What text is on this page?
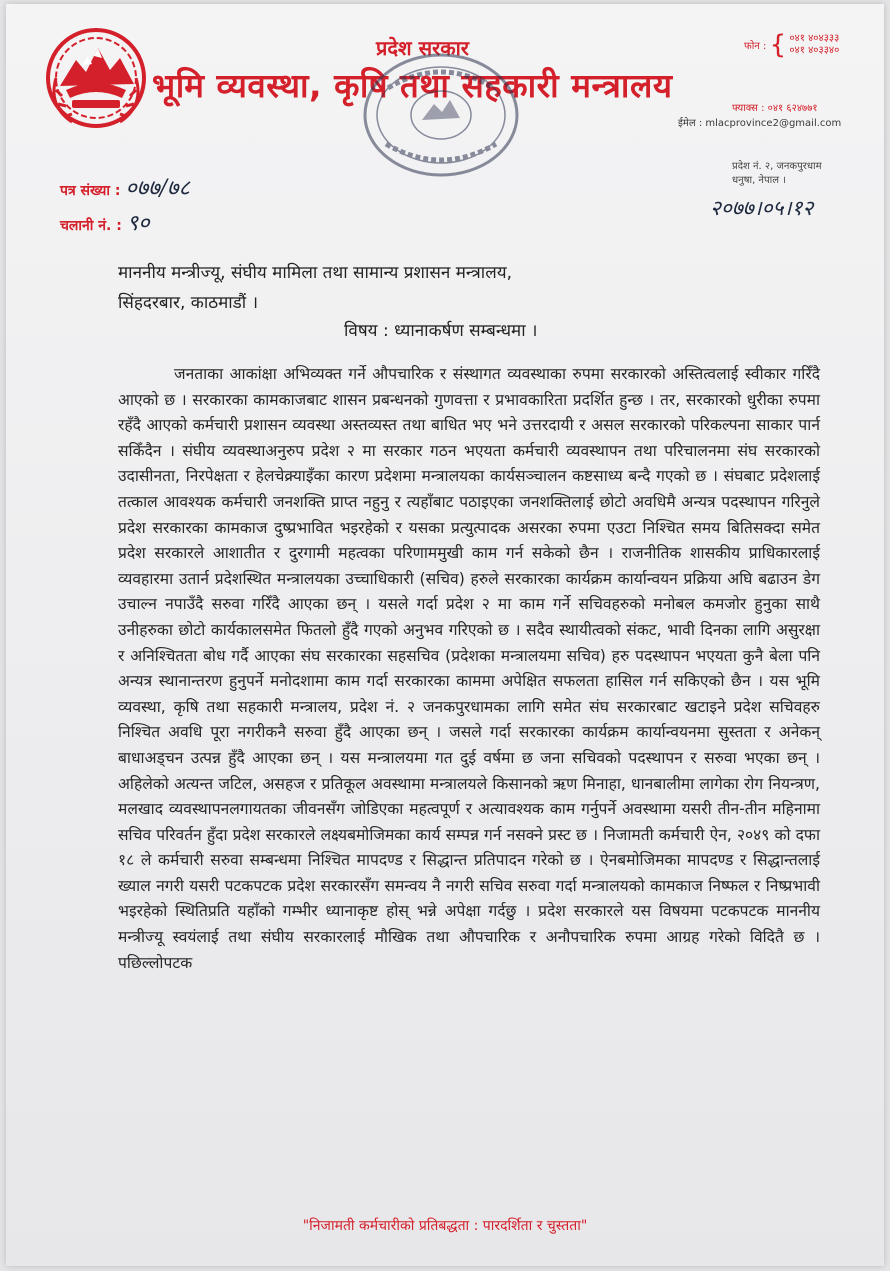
प्रदेश सरकार
भूमि व्यवस्था, कृषि तथा सहकारी मन्त्रालय
फोन : { ०४१ ४०४३३३
०४१ ४०३३४०
फ्याक्स : ०४१ ६२४७७१
ईमेल : mlacprovince2@gmail.com
प्रदेश नं. २, जनकपुरधाम
धनुषा, नेपाल ।
पत्र संख्या : ०७७/७८
चलानी नं. : ९०
२०७७।०५।१२
माननीय मन्त्रीज्यू, संघीय मामिला तथा सामान्य प्रशासन मन्त्रालय,
सिंहदरबार, काठमाडौं ।
विषय : ध्यानाकर्षण सम्बन्धमा ।

जनताका आकांक्षा अभिव्यक्त गर्ने औपचारिक र संस्थागत व्यवस्थाका रुपमा सरकारको अस्तित्वलाई स्वीकार गरिँदै आएको छ । सरकारका कामकाजबाट शासन प्रबन्धनको गुणवत्ता र प्रभावकारिता प्रदर्शित हुन्छ । तर, सरकारको धुरीका रुपमा रहँदै आएको कर्मचारी प्रशासन व्यवस्था अस्तव्यस्त तथा बाधित भए भने उत्तरदायी र असल सरकारको परिकल्पना साकार पार्न सकिँदैन । संघीय व्यवस्थाअनुरुप प्रदेश २ मा सरकार गठन भएयता कर्मचारी व्यवस्थापन तथा परिचालनमा संघ सरकारको उदासीनता, निरपेक्षता र हेलचेक्र्याइँका कारण प्रदेशमा मन्त्रालयका कार्यसञ्चालन कष्टसाध्य बन्दै गएको छ । संघबाट प्रदेशलाई तत्काल आवश्यक कर्मचारी जनशक्ति प्राप्त नहुनु र त्यहाँबाट पठाइएका जनशक्तिलाई छोटो अवधिमै अन्यत्र पदस्थापन गरिनुले प्रदेश सरकारका कामकाज दुष्प्रभावित भइरहेको र यसका प्रत्युत्पादक असरका रुपमा एउटा निश्चित समय बितिसक्दा समेत प्रदेश सरकारले आशातीत र दुरगामी महत्वका परिणाममुखी काम गर्न सकेको छैन । राजनीतिक शासकीय प्राधिकारलाई व्यवहारमा उतार्न प्रदेशस्थित मन्त्रालयका उच्चाधिकारी (सचिव) हरुले सरकारका कार्यक्रम कार्यान्वयन प्रक्रिया अघि बढाउन डेग उचाल्न नपाउँदै सरुवा गरिँदै आएका छन् । यसले गर्दा प्रदेश २ मा काम गर्ने सचिवहरुको मनोबल कमजोर हुनुका साथै उनीहरुका छोटो कार्यकालसमेत फितलो हुँदै गएको अनुभव गरिएको छ । सदैव स्थायीत्वको संकट, भावी दिनका लागि असुरक्षा र अनिश्चितता बोध गर्दै आएका संघ सरकारका सहसचिव (प्रदेशका मन्त्रालयमा सचिव) हरु पदस्थापन भएयता कुनै बेला पनि अन्यत्र स्थानान्तरण हुनुपर्ने मनोदशामा काम गर्दा सरकारका काममा अपेक्षित सफलता हासिल गर्न सकिएको छैन । यस भूमि व्यवस्था, कृषि तथा सहकारी मन्त्रालय, प्रदेश नं. २ जनकपुरधामका लागि समेत संघ सरकारबाट खटाइने प्रदेश सचिवहरु निश्चित अवधि पूरा नगरीकनै सरुवा हुँदै आएका छन् । जसले गर्दा सरकारका कार्यक्रम कार्यान्वयनमा सुस्तता र अनेकन् बाधाअड्चन उत्पन्न हुँदै आएका छन् । यस मन्त्रालयमा गत दुई वर्षमा छ जना सचिवको पदस्थापन र सरुवा भएका छन् । अहिलेको अत्यन्त जटिल, असहज र प्रतिकूल अवस्थामा मन्त्रालयले किसानको ऋण मिनाहा, धानबालीमा लागेका रोग नियन्त्रण, मलखाद व्यवस्थापनलगायतका जीवनसँग जोडिएका महत्वपूर्ण र अत्यावश्यक काम गर्नुपर्ने अवस्थामा यसरी तीन-तीन महिनामा सचिव परिवर्तन हुँदा प्रदेश सरकारले लक्ष्यबमोजिमका कार्य सम्पन्न गर्न नसक्ने प्रस्ट छ । निजामती कर्मचारी ऐन, २०४९ को दफा १८ ले कर्मचारी सरुवा सम्बन्धमा निश्चित मापदण्ड र सिद्धान्त प्रतिपादन गरेको छ । ऐनबमोजिमका मापदण्ड र सिद्धान्तलाई ख्याल नगरी यसरी पटकपटक प्रदेश सरकारसँग समन्वय नै नगरी सचिव सरुवा गर्दा मन्त्रालयको कामकाज निष्फल र निष्प्रभावी भइरहेको स्थितिप्रति यहाँको गम्भीर ध्यानाकृष्ट होस् भन्ने अपेक्षा गर्दछु । प्रदेश सरकारले यस विषयमा पटकपटक माननीय मन्त्रीज्यू स्वयंलाई तथा संघीय सरकारलाई मौखिक तथा औपचारिक र अनौपचारिक रुपमा आग्रह गरेको विदितै छ । पछिल्लोपटक

"निजामती कर्मचारीको प्रतिबद्धता : पारदर्शिता र चुस्तता"
